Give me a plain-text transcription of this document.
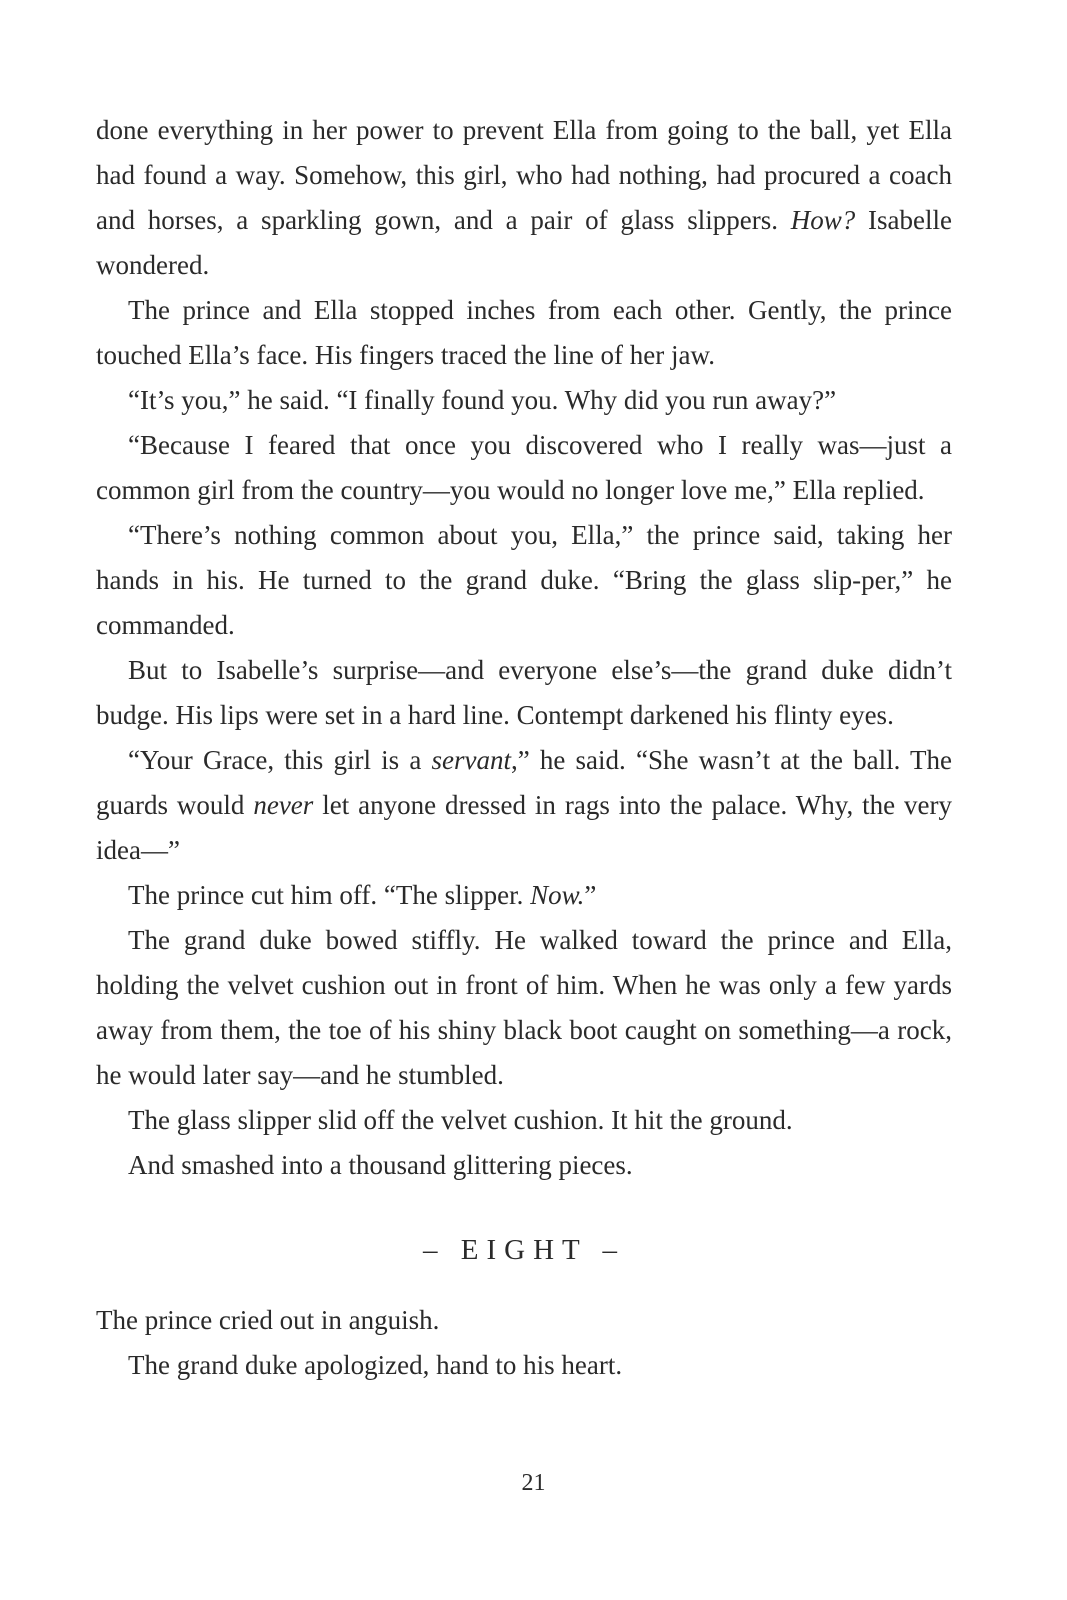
done everything in her power to prevent Ella from going to the ball, yet Ella had found a way. Somehow, this girl, who had nothing, had procured a coach and horses, a sparkling gown, and a pair of glass slippers. How? Isabelle wondered.

The prince and Ella stopped inches from each other. Gently, the prince touched Ella’s face. His fingers traced the line of her jaw.

“It’s you,” he said. “I finally found you. Why did you run away?”

“Because I feared that once you discovered who I really was—just a common girl from the country—you would no longer love me,” Ella replied.

“There’s nothing common about you, Ella,” the prince said, taking her hands in his. He turned to the grand duke. “Bring the glass slip-per,” he commanded.

But to Isabelle’s surprise—and everyone else’s—the grand duke didn’t budge. His lips were set in a hard line. Contempt darkened his flinty eyes.

“Your Grace, this girl is a servant,” he said. “She wasn’t at the ball. The guards would never let anyone dressed in rags into the palace. Why, the very idea—”

The prince cut him off. “The slipper. Now.”

The grand duke bowed stiffly. He walked toward the prince and Ella, holding the velvet cushion out in front of him. When he was only a few yards away from them, the toe of his shiny black boot caught on something—a rock, he would later say—and he stumbled.

The glass slipper slid off the velvet cushion. It hit the ground.

And smashed into a thousand glittering pieces.

– EIGHT –

The prince cried out in anguish.

The grand duke apologized, hand to his heart.

21
